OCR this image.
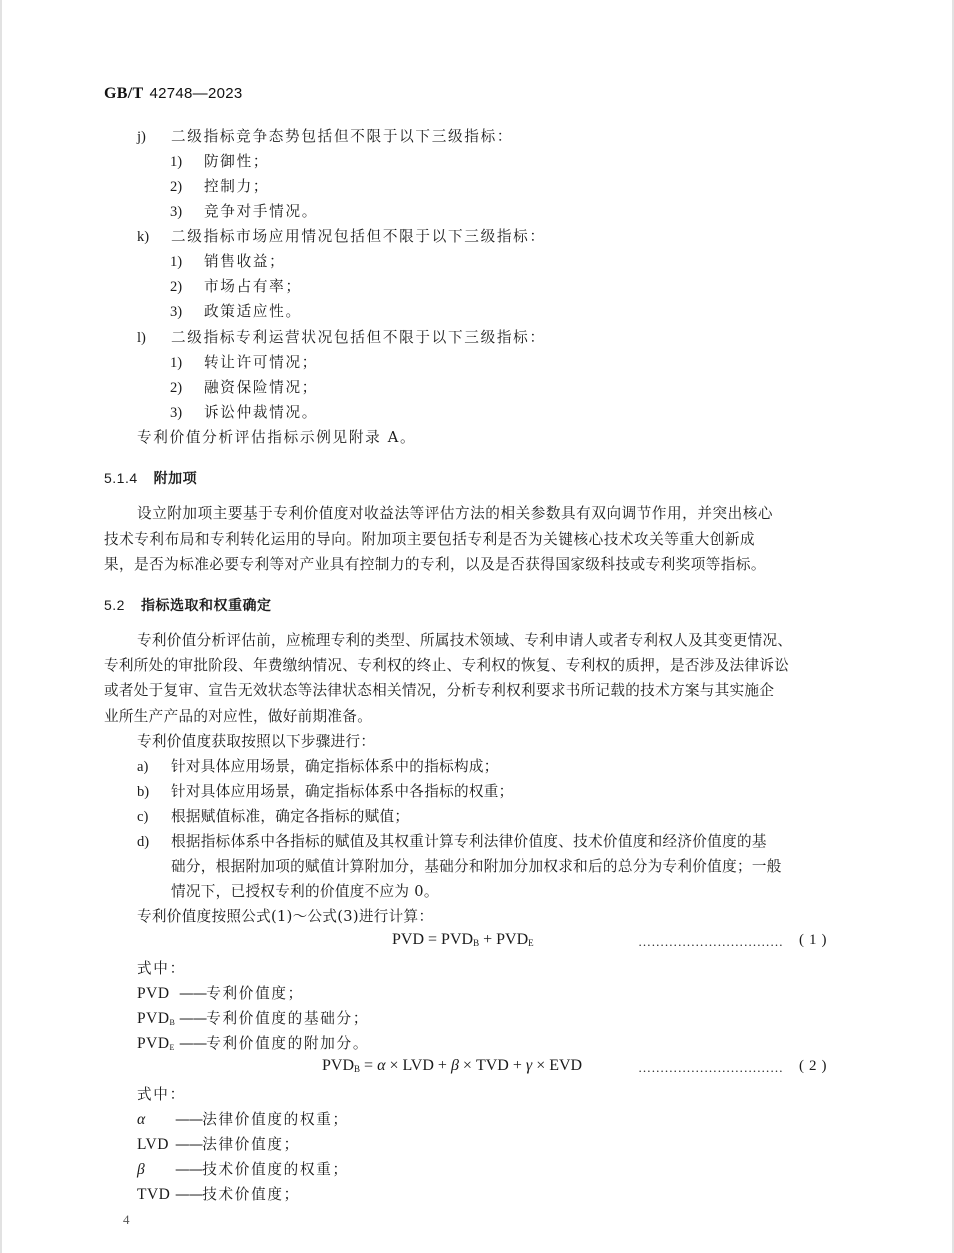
GB/T 42748—2023
j) 二级指标竞争态势包括但不限于以下三级指标：
1) 防御性；
2) 控制力；
3) 竞争对手情况。
k) 二级指标市场应用情况包括但不限于以下三级指标：
1) 销售收益；
2) 市场占有率；
3) 政策适应性。
l) 二级指标专利运营状况包括但不限于以下三级指标：
1) 转让许可情况；
2) 融资保险情况；
3) 诉讼仲裁情况。
专利价值分析评估指标示例见附录 A。
5.1.4 附加项
设立附加项主要基于专利价值度对收益法等评估方法的相关参数具有双向调节作用，并突出核心
技术专利布局和专利转化运用的导向。附加项主要包括专利是否为关键核心技术攻关等重大创新成
果，是否为标准必要专利等对产业具有控制力的专利，以及是否获得国家级科技或专利奖项等指标。
5.2 指标选取和权重确定
专利价值分析评估前，应梳理专利的类型、所属技术领域、专利申请人或者专利权人及其变更情况、
专利所处的审批阶段、年费缴纳情况、专利权的终止、专利权的恢复、专利权的质押，是否涉及法律诉讼
或者处于复审、宣告无效状态等法律状态相关情况，分析专利权利要求书所记载的技术方案与其实施企
业所生产产品的对应性，做好前期准备。
专利价值度获取按照以下步骤进行：
a) 针对具体应用场景，确定指标体系中的指标构成；
b) 针对具体应用场景，确定指标体系中各指标的权重；
c) 根据赋值标准，确定各指标的赋值；
d) 根据指标体系中各指标的赋值及其权重计算专利法律价值度、技术价值度和经济价值度的基
础分，根据附加项的赋值计算附加分，基础分和附加分加权求和后的总分为专利价值度；一般
情况下，已授权专利的价值度不应为 0。
专利价值度按照公式(1)～公式(3)进行计算：
PVD = $PVD_B + PVD_E$	…………………………… (1)
式中：
PVD ——专利价值度；
$PVD_B$ ——专利价值度的基础分；
$PVD_E$ ——专利价值度的附加分。
$PVD_B = \alpha$ × LVD + β × TVD + γ × EVD	…………………………… (2)
式中：
α ——法律价值度的权重；
LVD ——法律价值度；
β ——技术价值度的权重；
TVD ——技术价值度；
4
